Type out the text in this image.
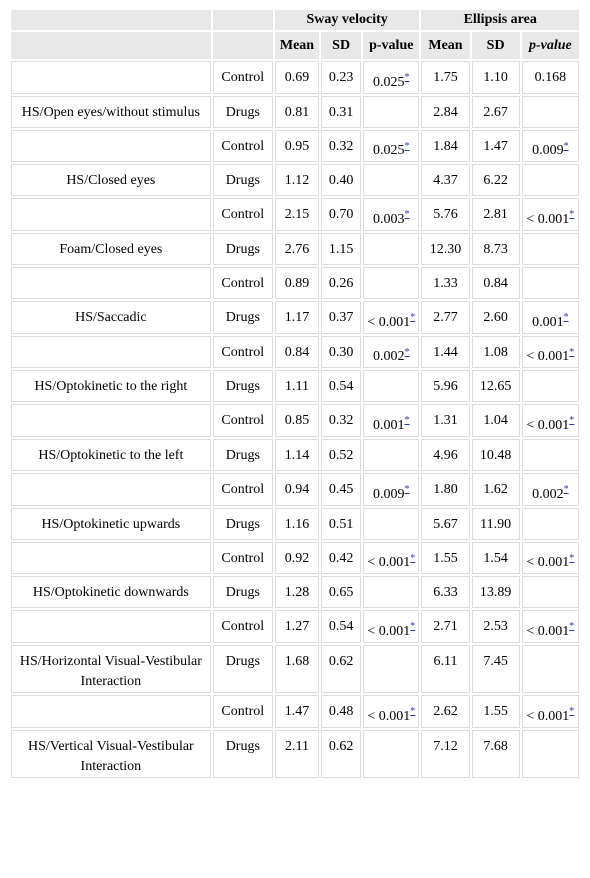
		Sway velocity			Ellipsis area		
		Mean	SD	p-value	Mean	SD	p-value
	Control	0.69	0.23	0.025*	1.75	1.10	0.168
HS/Open eyes/without stimulus	Drugs	0.81	0.31		2.84	2.67	
	Control	0.95	0.32	0.025*	1.84	1.47	0.009*
HS/Closed eyes	Drugs	1.12	0.40		4.37	6.22	
	Control	2.15	0.70	0.003*	5.76	2.81	< 0.001*
Foam/Closed eyes	Drugs	2.76	1.15		12.30	8.73	
	Control	0.89	0.26		1.33	0.84	
HS/Saccadic	Drugs	1.17	0.37	< 0.001*	2.77	2.60	0.001*
	Control	0.84	0.30	0.002*	1.44	1.08	< 0.001*
HS/Optokinetic to the right	Drugs	1.11	0.54		5.96	12.65	
	Control	0.85	0.32	0.001*	1.31	1.04	< 0.001*
HS/Optokinetic to the left	Drugs	1.14	0.52		4.96	10.48	
	Control	0.94	0.45	0.009*	1.80	1.62	0.002*
HS/Optokinetic upwards	Drugs	1.16	0.51		5.67	11.90	
	Control	0.92	0.42	< 0.001*	1.55	1.54	< 0.001*
HS/Optokinetic downwards	Drugs	1.28	0.65		6.33	13.89	
	Control	1.27	0.54	< 0.001*	2.71	2.53	< 0.001*
HS/Horizontal Visual-Vestibular Interaction	Drugs	1.68	0.62		6.11	7.45	
	Control	1.47	0.48	< 0.001*	2.62	1.55	< 0.001*
HS/Vertical Visual-Vestibular Interaction	Drugs	2.11	0.62		7.12	7.68	
